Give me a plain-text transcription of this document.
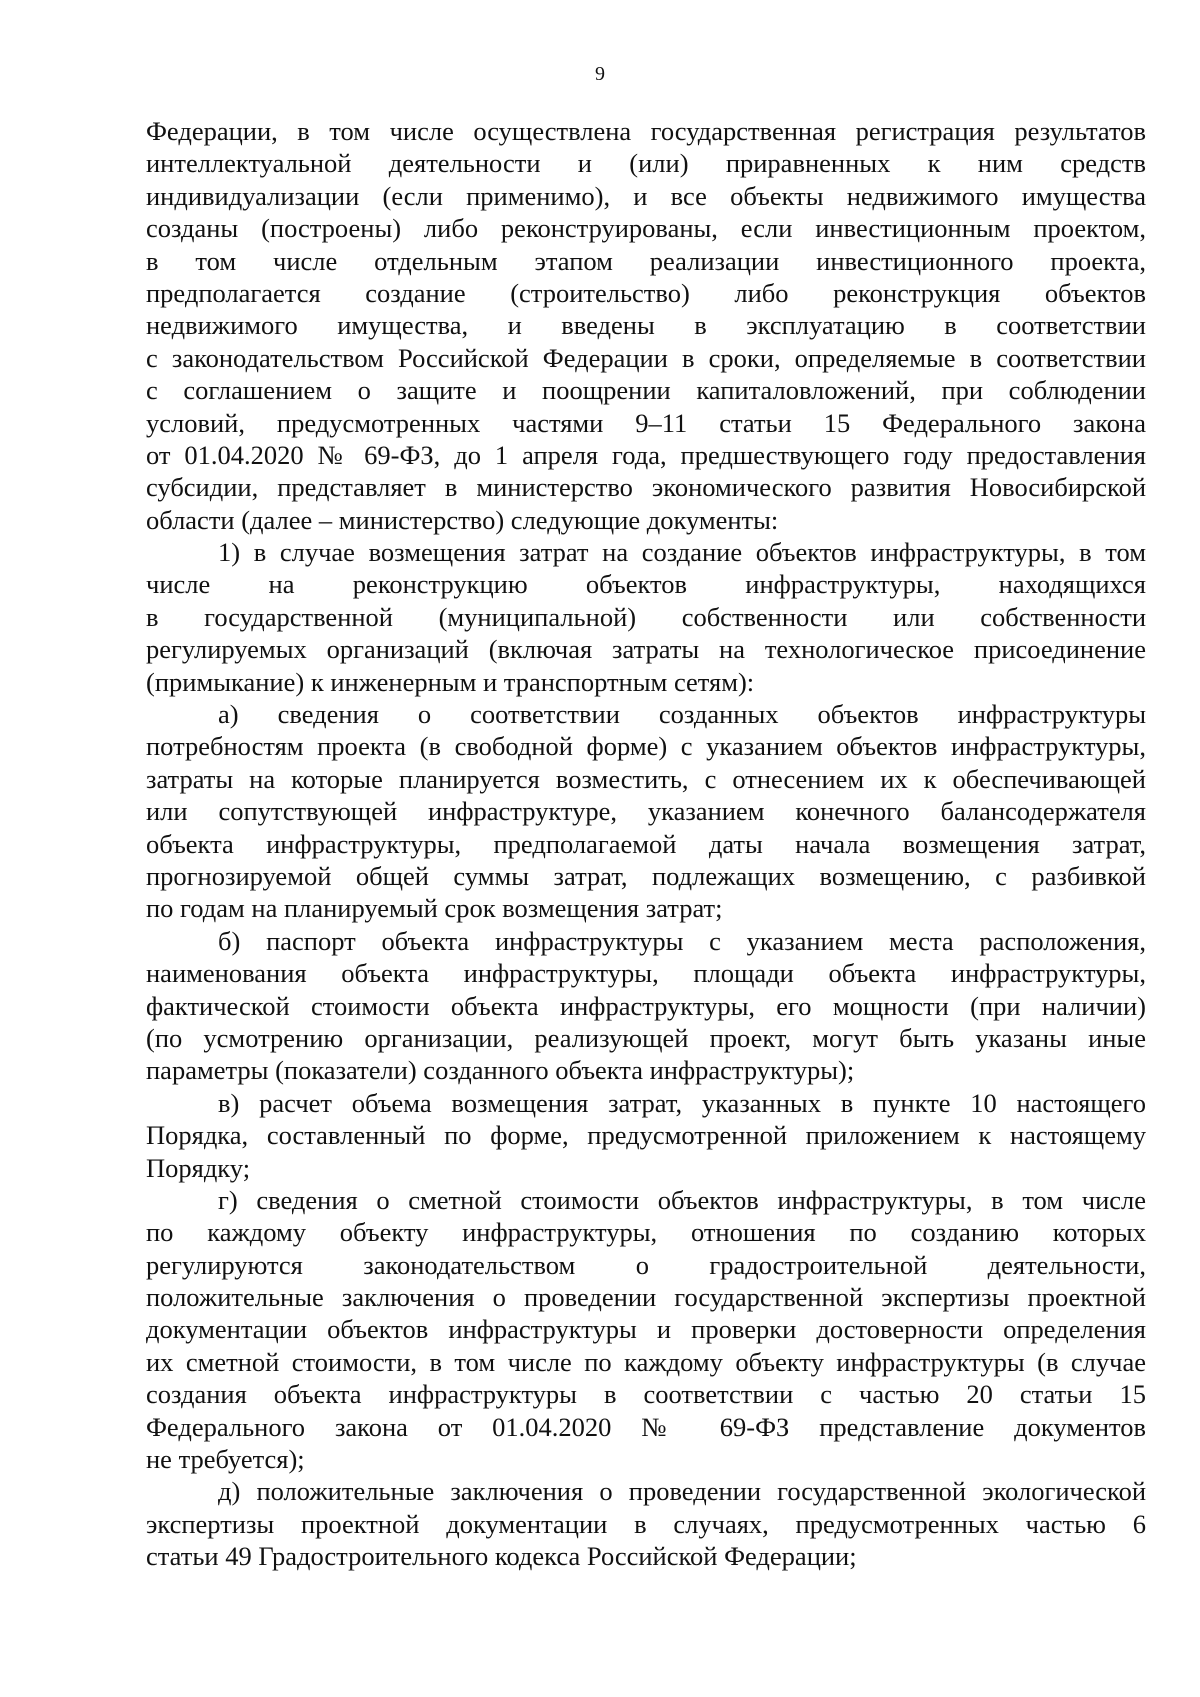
9
Федерации, в том числе осуществлена государственная регистрация результатов
интеллектуальной деятельности и (или) приравненных к ним средств
индивидуализации (если применимо), и все объекты недвижимого имущества
созданы (построены) либо реконструированы, если инвестиционным проектом,
в том числе отдельным этапом реализации инвестиционного проекта,
предполагается создание (строительство) либо реконструкция объектов
недвижимого имущества, и введены в эксплуатацию в соответствии
с законодательством Российской Федерации в сроки, определяемые в соответствии
с соглашением о защите и поощрении капиталовложений, при соблюдении
условий, предусмотренных частями 9–11 статьи 15 Федерального закона
от 01.04.2020 № 69-ФЗ, до 1 апреля года, предшествующего году предоставления
субсидии, представляет в министерство экономического развития Новосибирской
области (далее – министерство) следующие документы:
1) в случае возмещения затрат на создание объектов инфраструктуры, в том
числе на реконструкцию объектов инфраструктуры, находящихся
в государственной (муниципальной) собственности или собственности
регулируемых организаций (включая затраты на технологическое присоединение
(примыкание) к инженерным и транспортным сетям):
а) сведения о соответствии созданных объектов инфраструктуры
потребностям проекта (в свободной форме) с указанием объектов инфраструктуры,
затраты на которые планируется возместить, с отнесением их к обеспечивающей
или сопутствующей инфраструктуре, указанием конечного балансодержателя
объекта инфраструктуры, предполагаемой даты начала возмещения затрат,
прогнозируемой общей суммы затрат, подлежащих возмещению, с разбивкой
по годам на планируемый срок возмещения затрат;
б) паспорт объекта инфраструктуры с указанием места расположения,
наименования объекта инфраструктуры, площади объекта инфраструктуры,
фактической стоимости объекта инфраструктуры, его мощности (при наличии)
(по усмотрению организации, реализующей проект, могут быть указаны иные
параметры (показатели) созданного объекта инфраструктуры);
в) расчет объема возмещения затрат, указанных в пункте 10 настоящего
Порядка, составленный по форме, предусмотренной приложением к настоящему
Порядку;
г) сведения о сметной стоимости объектов инфраструктуры, в том числе
по каждому объекту инфраструктуры, отношения по созданию которых
регулируются законодательством о градостроительной деятельности,
положительные заключения о проведении государственной экспертизы проектной
документации объектов инфраструктуры и проверки достоверности определения
их сметной стоимости, в том числе по каждому объекту инфраструктуры (в случае
создания объекта инфраструктуры в соответствии с частью 20 статьи 15
Федерального закона от 01.04.2020 № 69-ФЗ представление документов
не требуется);
д) положительные заключения о проведении государственной экологической
экспертизы проектной документации в случаях, предусмотренных частью 6
статьи 49 Градостроительного кодекса Российской Федерации;
